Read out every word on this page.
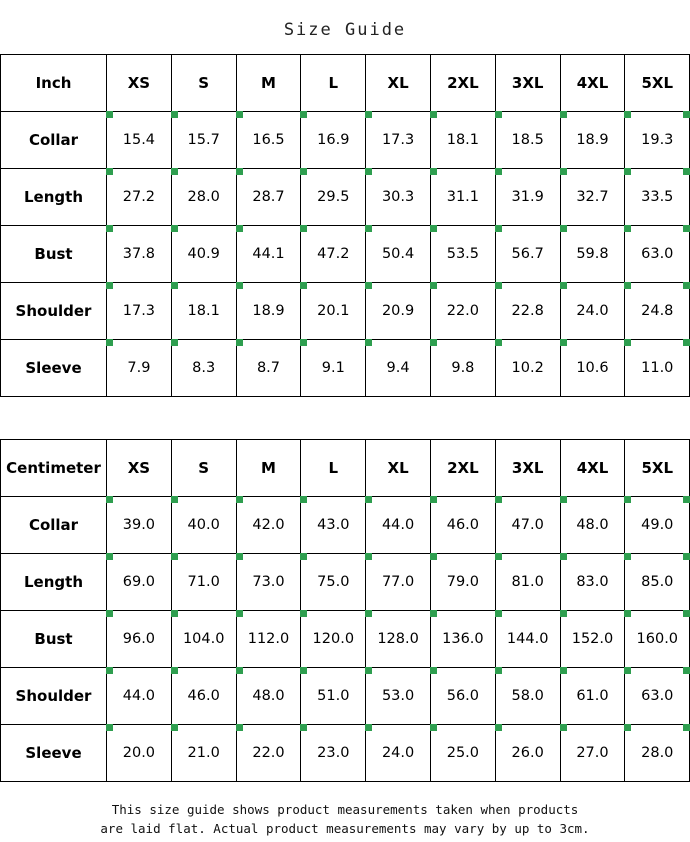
Size Guide
Inch	XS	S	M	L	XL	2XL	3XL	4XL	5XL
Collar	15.4	15.7	16.5	16.9	17.3	18.1	18.5	18.9	19.3

Length	27.2	28.0	28.7	29.5	30.3	31.1	31.9	32.7	33.5

Bust	37.8	40.9	44.1	47.2	50.4	53.5	56.7	59.8	63.0

Shoulder	17.3	18.1	18.9	20.1	20.9	22.0	22.8	24.0	24.8

Sleeve	7.9	8.3	8.7	9.1	9.4	9.8	10.2	10.6	11.0
Centimeter	XS	S	M	L	XL	2XL	3XL	4XL	5XL
Collar	39.0	40.0	42.0	43.0	44.0	46.0	47.0	48.0	49.0

Length	69.0	71.0	73.0	75.0	77.0	79.0	81.0	83.0	85.0

Bust	96.0	104.0	112.0	120.0	128.0	136.0	144.0	152.0	160.0

Shoulder	44.0	46.0	48.0	51.0	53.0	56.0	58.0	61.0	63.0

Sleeve	20.0	21.0	22.0	23.0	24.0	25.0	26.0	27.0	28.0
This size guide shows product measurements taken when products
are laid flat. Actual product measurements may vary by up to 3cm.
